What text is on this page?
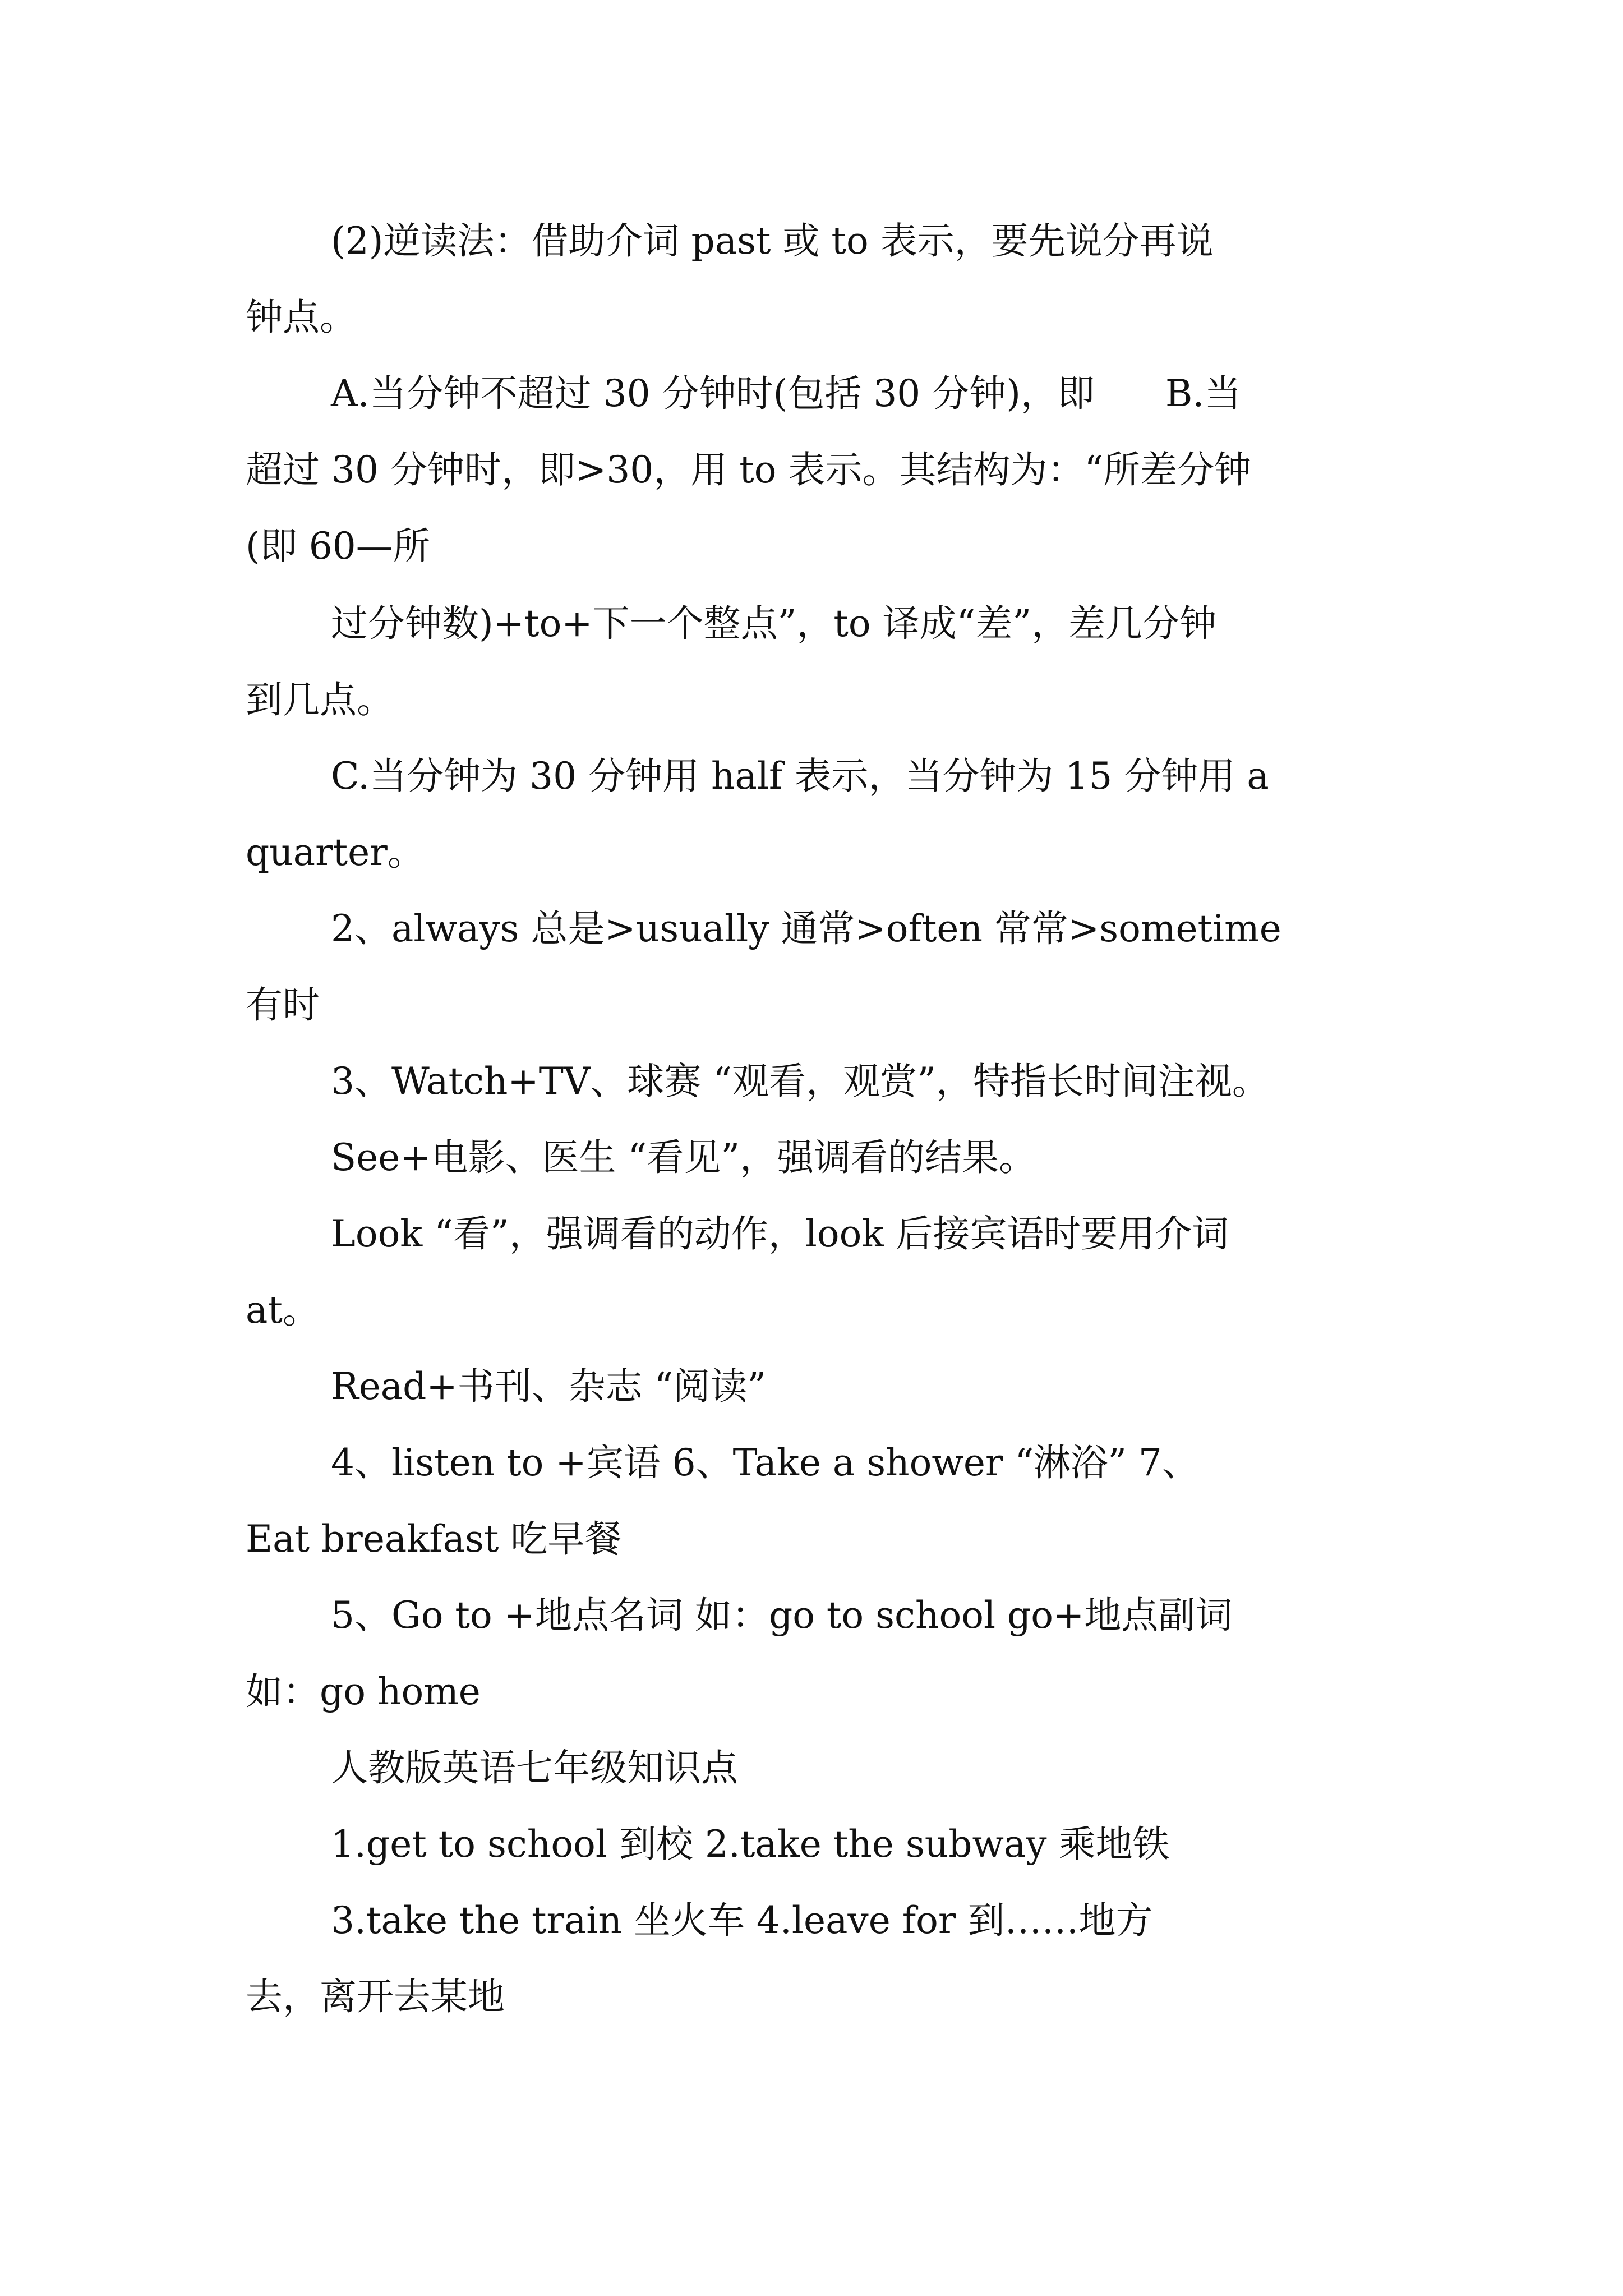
(2)逆读法：借助介词 past 或 to 表示，要先说分再说

钟点。

A.当分钟不超过 30 分钟时(包括 30 分钟)，即      B.当

超过 30 分钟时，即>30，用 to 表示。其结构为：“所差分钟

(即 60—所

过分钟数)+to+下一个整点”，to 译成“差”，差几分钟

到几点。

C.当分钟为 30 分钟用 half 表示，当分钟为 15 分钟用 a

quarter。

2、always 总是>usually 通常>often 常常>sometime

有时

3、Watch+TV、球赛 “观看，观赏”，特指长时间注视。

See+电影、医生 “看见”，强调看的结果。

Look “看”，强调看的动作，look 后接宾语时要用介词

at。

Read+书刊、杂志 “阅读”

4、listen to +宾语 6、Take a shower “淋浴” 7、

Eat breakfast 吃早餐

5、Go to +地点名词 如：go to school go+地点副词

如：go home

人教版英语七年级知识点

1.get to school 到校 2.take the subway 乘地铁

3.take the train 坐火车 4.leave for 到……地方

去，离开去某地
